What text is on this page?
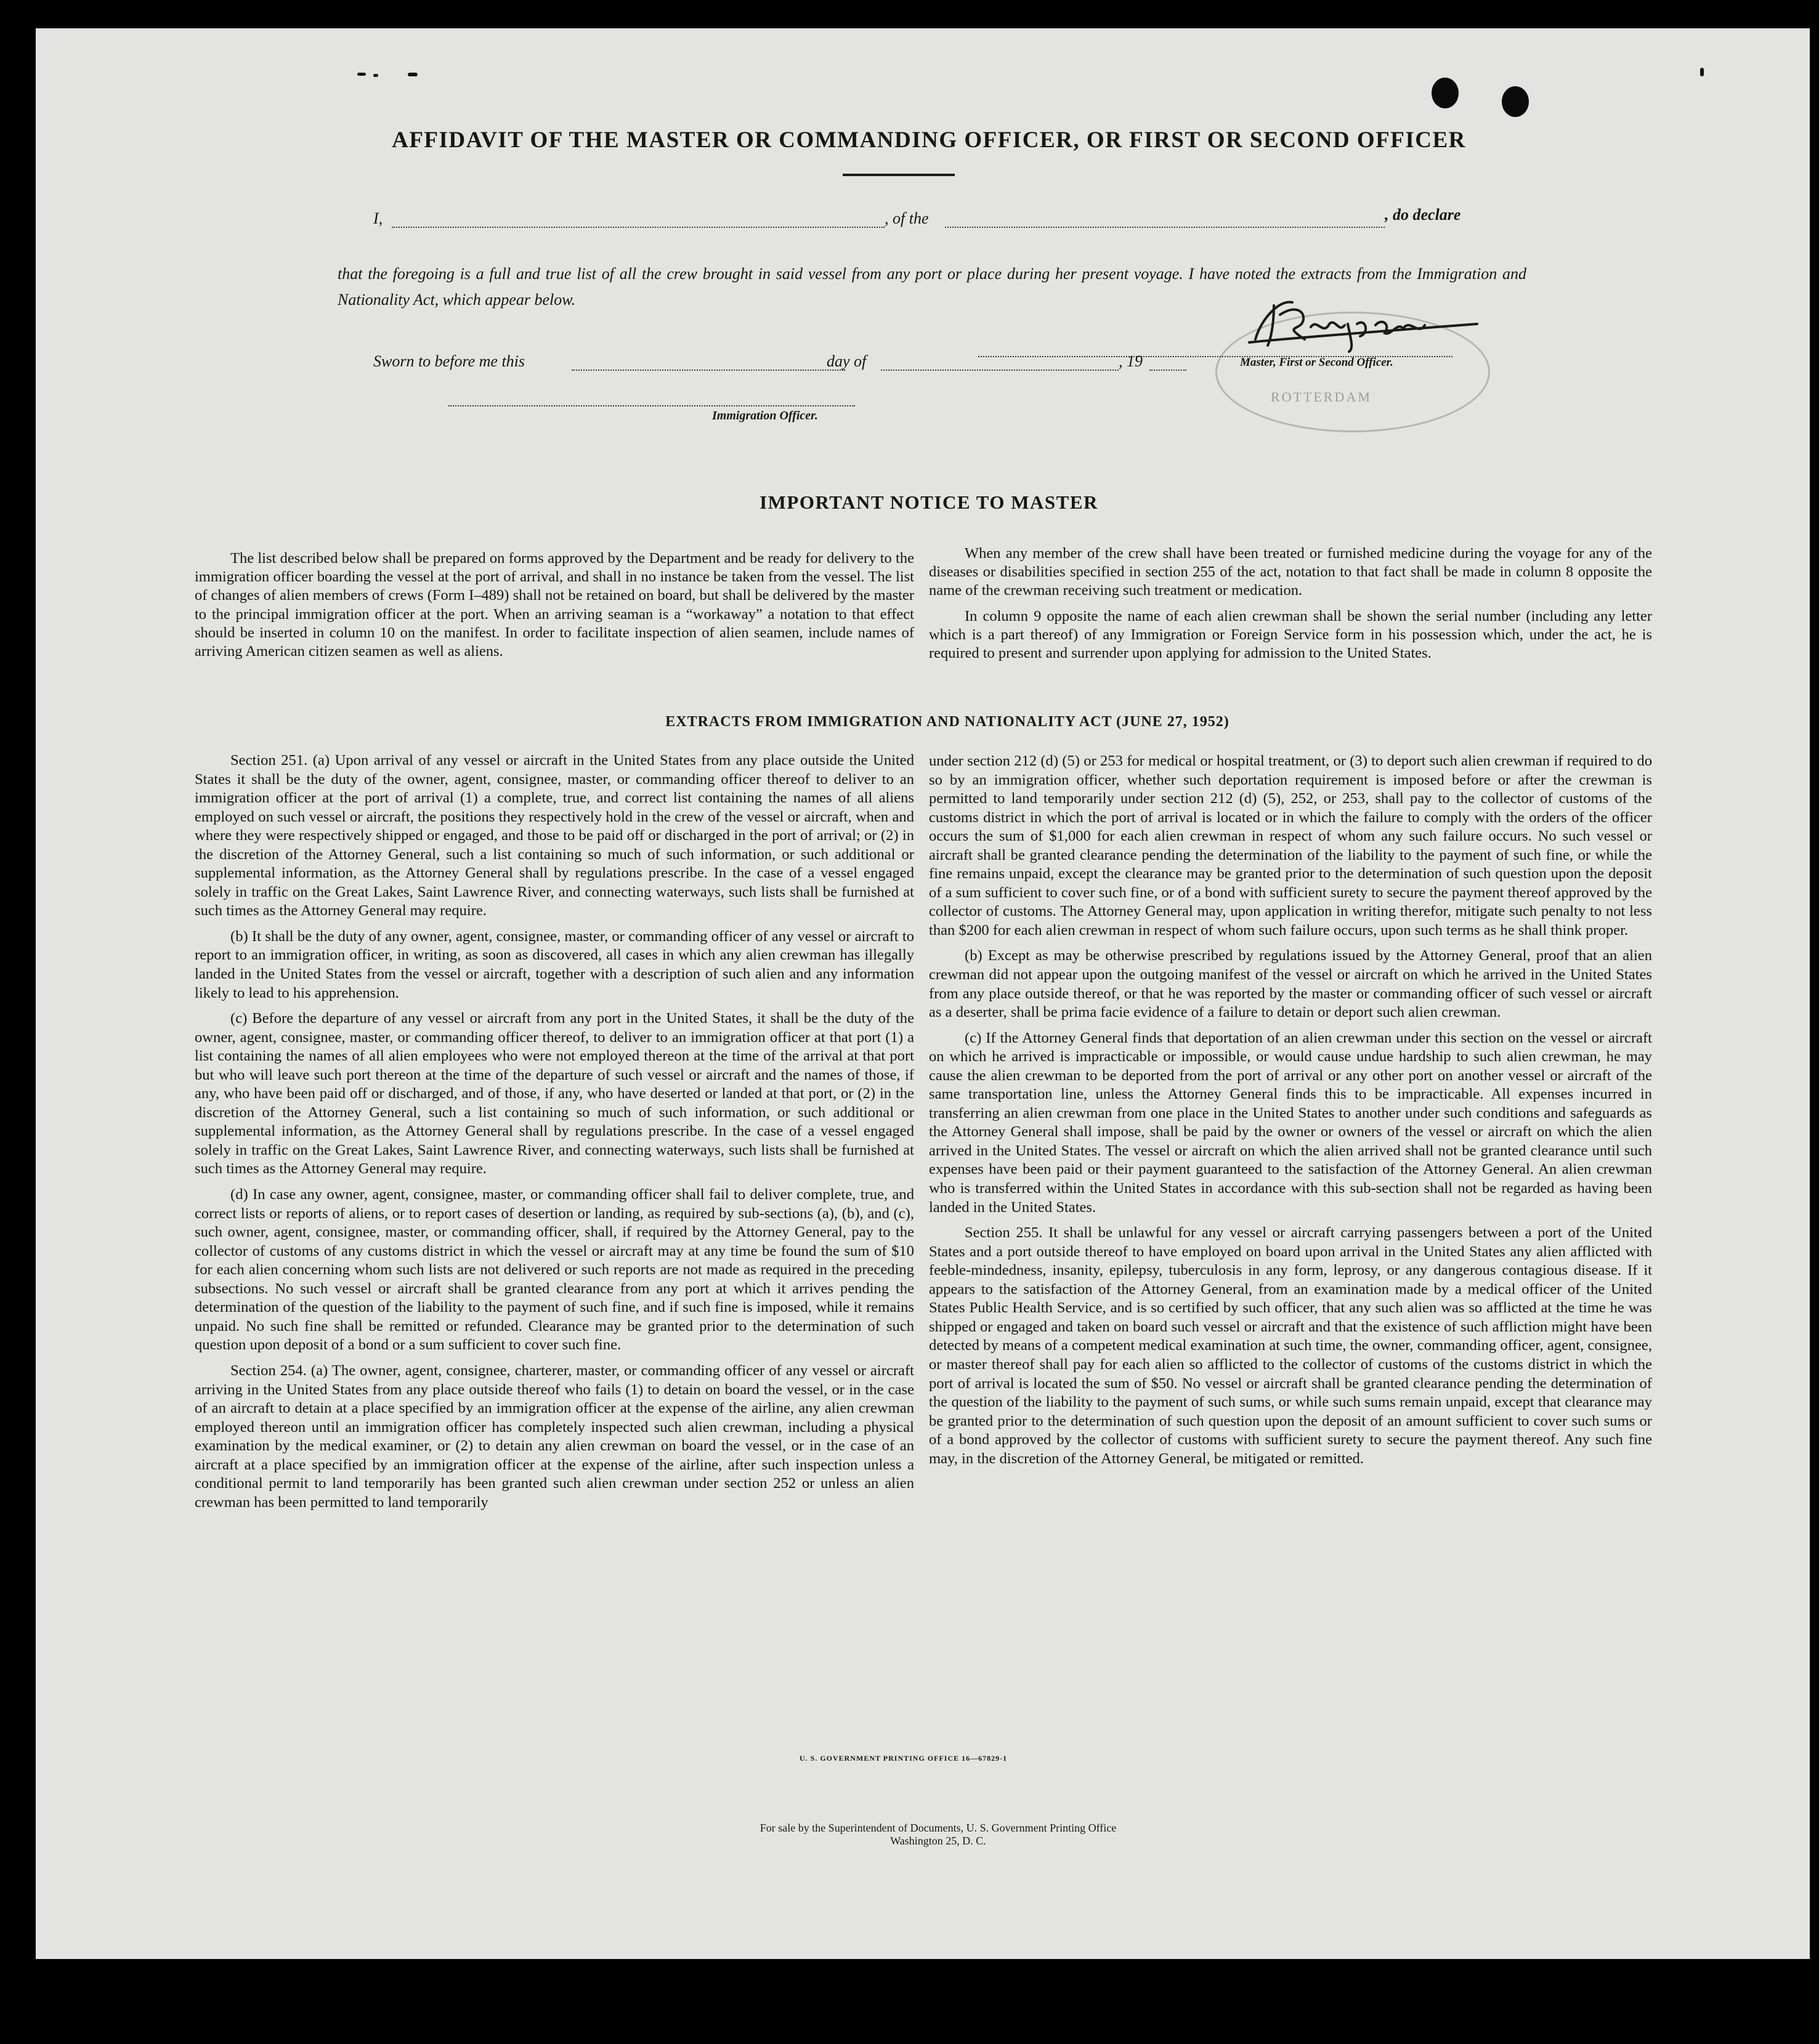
AFFIDAVIT OF THE MASTER OR COMMANDING OFFICER, OR FIRST OR SECOND OFFICER
I,	, of the	, do declare
that the foregoing is a full and true list of all the crew brought in said vessel from any port or place during her present voyage. I have noted the extracts from the Immigration and Nationality Act, which appear below.
ROTTERDAM
Master, First or Second Officer.
Sworn to before me this	day of	, 19
Immigration Officer.
IMPORTANT NOTICE TO MASTER

The list described below shall be prepared on forms approved by the Department and be ready for delivery to the immigration officer boarding the vessel at the port of arrival, and shall in no instance be taken from the vessel. The list of changes of alien members of crews (Form I–489) shall not be retained on board, but shall be delivered by the master to the principal immigration officer at the port. When an arriving seaman is a “workaway” a notation to that effect should be inserted in column 10 on the manifest. In order to facilitate inspection of alien seamen, include names of arriving American citizen seamen as well as aliens.

When any member of the crew shall have been treated or furnished medicine during the voyage for any of the diseases or disabilities specified in section 255 of the act, notation to that fact shall be made in column 8 opposite the name of the crewman receiving such treatment or medication.

In column 9 opposite the name of each alien crewman shall be shown the serial number (including any letter which is a part thereof) of any Immigration or Foreign Service form in his possession which, under the act, he is required to present and surrender upon applying for admission to the United States.

EXTRACTS FROM IMMIGRATION AND NATIONALITY ACT (JUNE 27, 1952)

Section 251. (a) Upon arrival of any vessel or aircraft in the United States from any place outside the United States it shall be the duty of the owner, agent, consignee, master, or commanding officer thereof to deliver to an immigration officer at the port of arrival (1) a complete, true, and correct list containing the names of all aliens employed on such vessel or aircraft, the positions they respectively hold in the crew of the vessel or aircraft, when and where they were respectively shipped or engaged, and those to be paid off or discharged in the port of arrival; or (2) in the discretion of the Attorney General, such a list containing so much of such information, or such additional or supplemental information, as the Attorney General shall by regulations prescribe. In the case of a vessel engaged solely in traffic on the Great Lakes, Saint Lawrence River, and connecting waterways, such lists shall be furnished at such times as the Attorney General may require.

(b) It shall be the duty of any owner, agent, consignee, master, or commanding officer of any vessel or aircraft to report to an immigration officer, in writing, as soon as discovered, all cases in which any alien crewman has illegally landed in the United States from the vessel or aircraft, together with a description of such alien and any information likely to lead to his apprehension.

(c) Before the departure of any vessel or aircraft from any port in the United States, it shall be the duty of the owner, agent, consignee, master, or commanding officer thereof, to deliver to an immigration officer at that port (1) a list containing the names of all alien employees who were not employed thereon at the time of the arrival at that port but who will leave such port thereon at the time of the departure of such vessel or aircraft and the names of those, if any, who have been paid off or discharged, and of those, if any, who have deserted or landed at that port, or (2) in the discretion of the Attorney General, such a list containing so much of such information, or such additional or supplemental information, as the Attorney General shall by regulations prescribe. In the case of a vessel engaged solely in traffic on the Great Lakes, Saint Lawrence River, and connecting waterways, such lists shall be furnished at such times as the Attorney General may require.

(d) In case any owner, agent, consignee, master, or commanding officer shall fail to deliver complete, true, and correct lists or reports of aliens, or to report cases of desertion or landing, as required by sub-sections (a), (b), and (c), such owner, agent, consignee, master, or commanding officer, shall, if required by the Attorney General, pay to the collector of customs of any customs district in which the vessel or aircraft may at any time be found the sum of $10 for each alien concerning whom such lists are not delivered or such reports are not made as required in the preceding subsections. No such vessel or aircraft shall be granted clearance from any port at which it arrives pending the determination of the question of the liability to the payment of such fine, and if such fine is imposed, while it remains unpaid. No such fine shall be remitted or refunded. Clearance may be granted prior to the determination of such question upon deposit of a bond or a sum sufficient to cover such fine.

Section 254. (a) The owner, agent, consignee, charterer, master, or commanding officer of any vessel or aircraft arriving in the United States from any place outside thereof who fails (1) to detain on board the vessel, or in the case of an aircraft to detain at a place specified by an immigration officer at the expense of the airline, any alien crewman employed thereon until an immigration officer has completely inspected such alien crewman, including a physical examination by the medical examiner, or (2) to detain any alien crewman on board the vessel, or in the case of an aircraft at a place specified by an immigration officer at the expense of the airline, after such inspection unless a conditional permit to land temporarily has been granted such alien crewman under section 252 or unless an alien crewman has been permitted to land temporarily

under section 212 (d) (5) or 253 for medical or hospital treatment, or (3) to deport such alien crewman if required to do so by an immigration officer, whether such deportation requirement is imposed before or after the crewman is permitted to land temporarily under section 212 (d) (5), 252, or 253, shall pay to the collector of customs of the customs district in which the port of arrival is located or in which the failure to comply with the orders of the officer occurs the sum of $1,000 for each alien crewman in respect of whom any such failure occurs. No such vessel or aircraft shall be granted clearance pending the determination of the liability to the payment of such fine, or while the fine remains unpaid, except the clearance may be granted prior to the determination of such question upon the deposit of a sum sufficient to cover such fine, or of a bond with sufficient surety to secure the payment thereof approved by the collector of customs. The Attorney General may, upon application in writing therefor, mitigate such penalty to not less than $200 for each alien crewman in respect of whom such failure occurs, upon such terms as he shall think proper.

(b) Except as may be otherwise prescribed by regulations issued by the Attorney General, proof that an alien crewman did not appear upon the outgoing manifest of the vessel or aircraft on which he arrived in the United States from any place outside thereof, or that he was reported by the master or commanding officer of such vessel or aircraft as a deserter, shall be prima facie evidence of a failure to detain or deport such alien crewman.

(c) If the Attorney General finds that deportation of an alien crewman under this section on the vessel or aircraft on which he arrived is impracticable or impossible, or would cause undue hardship to such alien crewman, he may cause the alien crewman to be deported from the port of arrival or any other port on another vessel or aircraft of the same transportation line, unless the Attorney General finds this to be impracticable. All expenses incurred in transferring an alien crewman from one place in the United States to another under such conditions and safeguards as the Attorney General shall impose, shall be paid by the owner or owners of the vessel or aircraft on which the alien arrived in the United States. The vessel or aircraft on which the alien arrived shall not be granted clearance until such expenses have been paid or their payment guaranteed to the satisfaction of the Attorney General. An alien crewman who is transferred within the United States in accordance with this sub-section shall not be regarded as having been landed in the United States.

Section 255. It shall be unlawful for any vessel or aircraft carrying passengers between a port of the United States and a port outside thereof to have employed on board upon arrival in the United States any alien afflicted with feeble-mindedness, insanity, epilepsy, tuberculosis in any form, leprosy, or any dangerous contagious disease. If it appears to the satisfaction of the Attorney General, from an examination made by a medical officer of the United States Public Health Service, and is so certified by such officer, that any such alien was so afflicted at the time he was shipped or engaged and taken on board such vessel or aircraft and that the existence of such affliction might have been detected by means of a competent medical examination at such time, the owner, commanding officer, agent, consignee, or master thereof shall pay for each alien so afflicted to the collector of customs of the customs district in which the port of arrival is located the sum of $50. No vessel or aircraft shall be granted clearance pending the determination of the question of the liability to the payment of such sums, or while such sums remain unpaid, except that clearance may be granted prior to the determination of such question upon the deposit of an amount sufficient to cover such sums or of a bond approved by the collector of customs with sufficient surety to secure the payment thereof. Any such fine may, in the discretion of the Attorney General, be mitigated or remitted.

U. S. GOVERNMENT PRINTING OFFICE 16—67829-1
For sale by the Superintendent of Documents, U. S. Government Printing Office
Washington 25, D. C.
